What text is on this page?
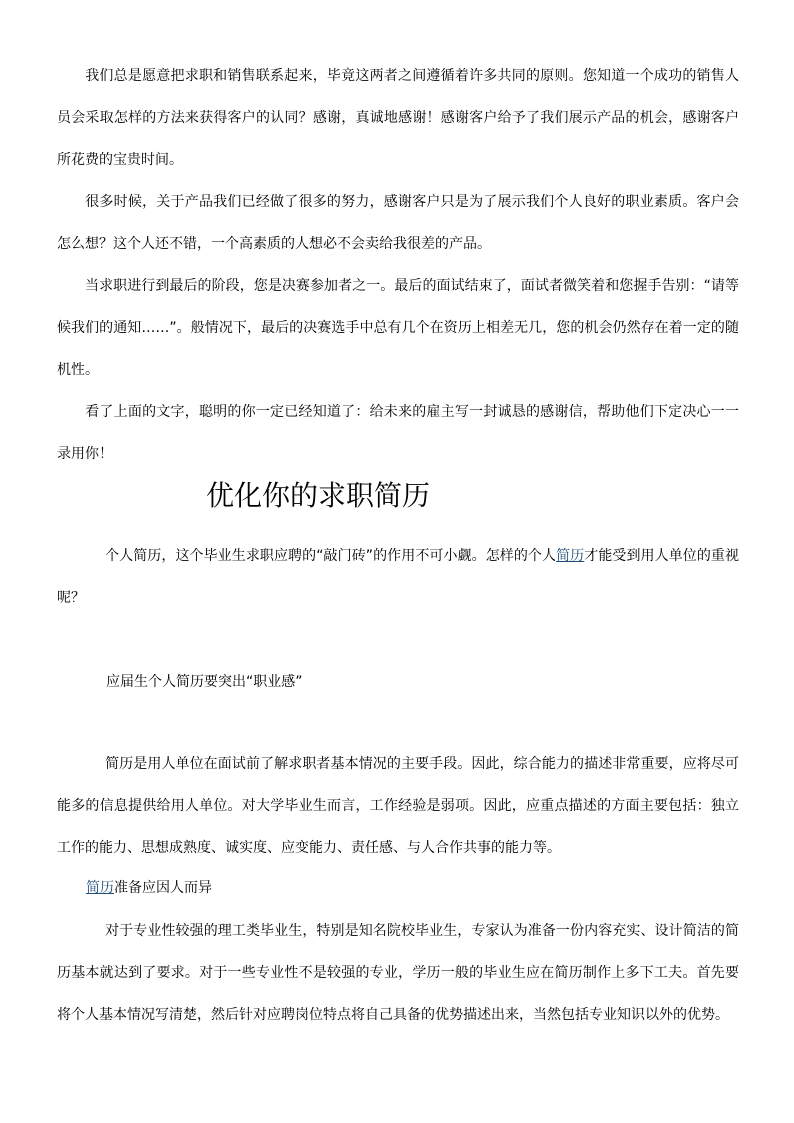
我们总是愿意把求职和销售联系起来，毕竟这两者之间遵循着许多共同的原则。您知道一个成功的销售人员会采取怎样的方法来获得客户的认同？感谢，真诚地感谢！感谢客户给予了我们展示产品的机会，感谢客户所花费的宝贵时间。

很多时候，关于产品我们已经做了很多的努力，感谢客户只是为了展示我们个人良好的职业素质。客户会怎么想？这个人还不错，一个高素质的人想必不会卖给我很差的产品。

当求职进行到最后的阶段，您是决赛参加者之一。最后的面试结束了，面试者微笑着和您握手告别：“请等候我们的通知……”。般情况下，最后的决赛选手中总有几个在资历上相差无几，您的机会仍然存在着一定的随机性。

看了上面的文字，聪明的你一定已经知道了：给未来的雇主写一封诚恳的感谢信，帮助他们下定决心一一录用你！

优化你的求职简历

个人简历，这个毕业生求职应聘的“敲门砖”的作用不可小觑。怎样的个人简历才能受到用人单位的重视呢？

应届生个人简历要突出“职业感”

简历是用人单位在面试前了解求职者基本情况的主要手段。因此，综合能力的描述非常重要，应将尽可能多的信息提供给用人单位。对大学毕业生而言，工作经验是弱项。因此，应重点描述的方面主要包括：独立工作的能力、思想成熟度、诚实度、应变能力、责任感、与人合作共事的能力等。

简历准备应因人而异

对于专业性较强的理工类毕业生，特别是知名院校毕业生，专家认为准备一份内容充实、设计简洁的简历基本就达到了要求。对于一些专业性不是较强的专业，学历一般的毕业生应在简历制作上多下工夫。首先要将个人基本情况写清楚，然后针对应聘岗位特点将自己具备的优势描述出来，当然包括专业知识以外的优势。
